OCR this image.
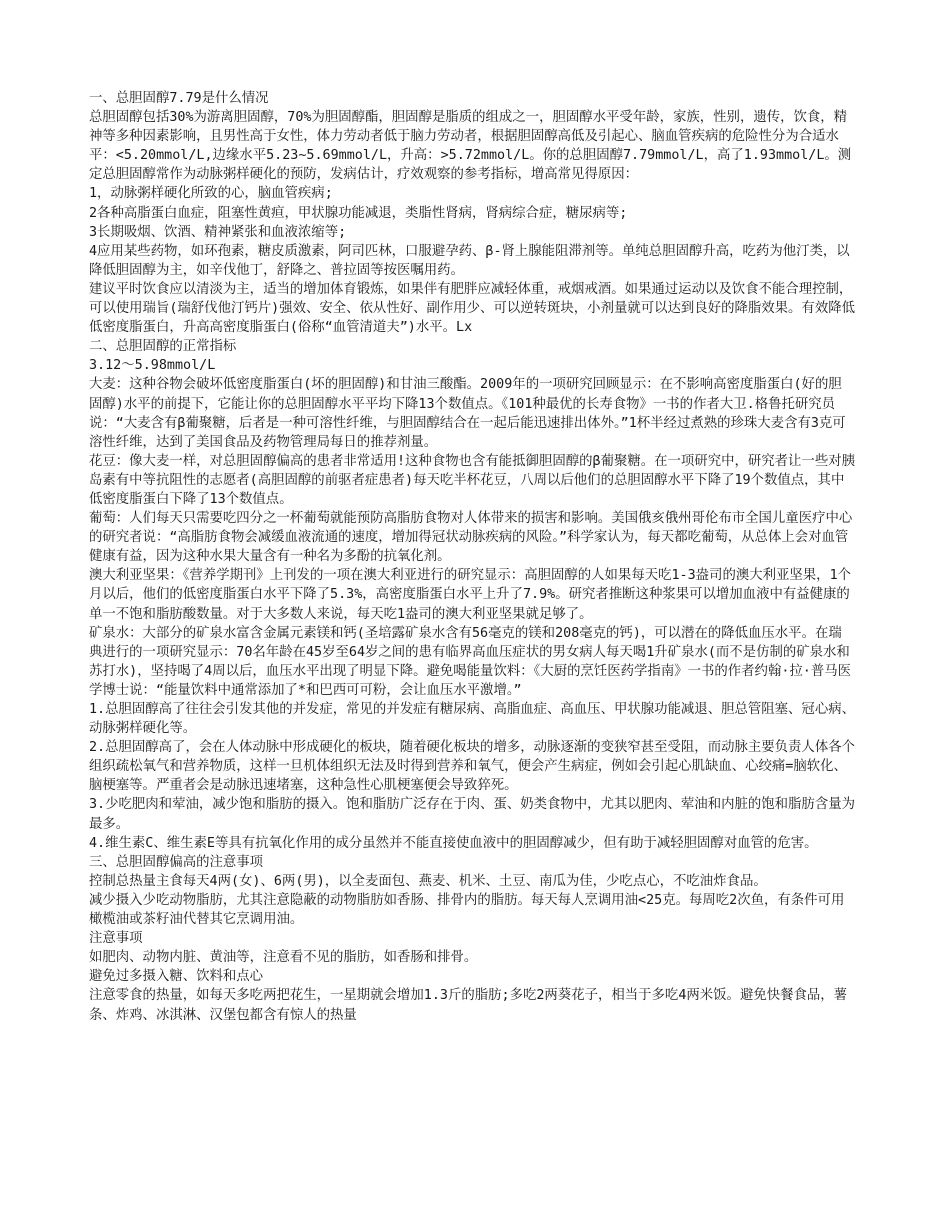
一、总胆固醇7.79是什么情况

总胆固醇包括30%为游离胆固醇，70%为胆固醇酯，胆固醇是脂质的组成之一，胆固醇水平受年龄，家族，性别，遗传，饮食，精神等多种因素影响，且男性高于女性，体力劳动者低于脑力劳动者，根据胆固醇高低及引起心、脑血管疾病的危险性分为合适水平：<5.20mmol/L,边缘水平5.23~5.69mmol/L，升高：>5.72mmol/L。你的总胆固醇7.79mmol/L，高了1.93mmol/L。测定总胆固醇常作为动脉粥样硬化的预防，发病估计，疗效观察的参考指标，增高常见得原因：

1，动脉粥样硬化所致的心，脑血管疾病;

2各种高脂蛋白血症，阻塞性黄疸，甲状腺功能减退，类脂性肾病，肾病综合症，糖尿病等;

3长期吸烟、饮酒、精神紧张和血液浓缩等;

4应用某些药物，如环孢素，糖皮质激素，阿司匹林，口服避孕药、β-肾上腺能阻滞剂等。单纯总胆固醇升高，吃药为他汀类，以降低胆固醇为主，如辛伐他丁，舒降之、普拉固等按医嘱用药。

建议平时饮食应以清淡为主，适当的增加体育锻炼，如果伴有肥胖应减轻体重，戒烟戒酒。如果通过运动以及饮食不能合理控制，可以使用瑞旨(瑞舒伐他汀钙片)强效、安全、依从性好、副作用少、可以逆转斑块，小剂量就可以达到良好的降脂效果。有效降低低密度脂蛋白，升高高密度脂蛋白(俗称“血管清道夫”)水平。Lx

二、总胆固醇的正常指标

3.12～5.98mmol/L

大麦：这种谷物会破坏低密度脂蛋白(坏的胆固醇)和甘油三酸酯。2009年的一项研究回顾显示：在不影响高密度脂蛋白(好的胆固醇)水平的前提下，它能让你的总胆固醇水平平均下降13个数值点。《101种最优的长寿食物》一书的作者大卫.格鲁托研究员说：“大麦含有β葡聚糖，后者是一种可溶性纤维，与胆固醇结合在一起后能迅速排出体外。”1杯半经过煮熟的珍珠大麦含有3克可溶性纤维，达到了美国食品及药物管理局每日的推荐剂量。

花豆：像大麦一样，对总胆固醇偏高的患者非常适用!这种食物也含有能抵御胆固醇的β葡聚糖。在一项研究中，研究者让一些对胰岛素有中等抗阻性的志愿者(高胆固醇的前驱者症患者)每天吃半杯花豆，八周以后他们的总胆固醇水平下降了19个数值点，其中低密度脂蛋白下降了13个数值点。

葡萄：人们每天只需要吃四分之一杯葡萄就能预防高脂肪食物对人体带来的损害和影响。美国俄亥俄州哥伦布市全国儿童医疗中心的研究者说：“高脂肪食物会减缓血液流通的速度，增加得冠状动脉疾病的风险。”科学家认为，每天都吃葡萄，从总体上会对血管健康有益，因为这种水果大量含有一种名为多酚的抗氧化剂。

澳大利亚坚果：《营养学期刊》上刊发的一项在澳大利亚进行的研究显示：高胆固醇的人如果每天吃1-3盎司的澳大利亚坚果，1个月以后，他们的低密度脂蛋白水平下降了5.3%，高密度脂蛋白水平上升了7.9%。研究者推断这种浆果可以增加血液中有益健康的单一不饱和脂肪酸数量。对于大多数人来说，每天吃1盎司的澳大利亚坚果就足够了。

矿泉水：大部分的矿泉水富含金属元素镁和钙(圣培露矿泉水含有56毫克的镁和208毫克的钙)，可以潜在的降低血压水平。在瑞典进行的一项研究显示：70名年龄在45岁至64岁之间的患有临界高血压症状的男女病人每天喝1升矿泉水(而不是仿制的矿泉水和苏打水)，坚持喝了4周以后，血压水平出现了明显下降。避免喝能量饮料：《大厨的烹饪医药学指南》一书的作者约翰·拉·普马医学博士说：“能量饮料中通常添加了*和巴西可可粉，会让血压水平激增。”

1.总胆固醇高了往往会引发其他的并发症，常见的并发症有糖尿病、高脂血症、高血压、甲状腺功能减退、胆总管阻塞、冠心病、动脉粥样硬化等。

2.总胆固醇高了，会在人体动脉中形成硬化的板块，随着硬化板块的增多，动脉逐渐的变狭窄甚至受阻，而动脉主要负责人体各个组织疏松氧气和营养物质，这样一旦机体组织无法及时得到营养和氧气，便会产生病症，例如会引起心肌缺血、心绞痛=脑软化、脑梗塞等。严重者会是动脉迅速堵塞，这种急性心肌梗塞便会导致猝死。

3.少吃肥肉和荤油，减少饱和脂肪的摄入。饱和脂肪广泛存在于肉、蛋、奶类食物中，尤其以肥肉、荤油和内脏的饱和脂肪含量为最多。

4.维生素C、维生素E等具有抗氧化作用的成分虽然并不能直接使血液中的胆固醇减少，但有助于减轻胆固醇对血管的危害。

三、总胆固醇偏高的注意事项

控制总热量主食每天4两(女)、6两(男)，以全麦面包、燕麦、机米、土豆、南瓜为佳，少吃点心，不吃油炸食品。

减少摄入少吃动物脂肪，尤其注意隐蔽的动物脂肪如香肠、排骨内的脂肪。每天每人烹调用油<25克。每周吃2次鱼，有条件可用橄榄油或茶籽油代替其它烹调用油。

注意事项

如肥肉、动物内脏、黄油等，注意看不见的脂肪，如香肠和排骨。

避免过多摄入糖、饮料和点心

注意零食的热量，如每天多吃两把花生，一星期就会增加1.3斤的脂肪;多吃2两葵花子，相当于多吃4两米饭。避免快餐食品，薯条、炸鸡、冰淇淋、汉堡包都含有惊人的热量
